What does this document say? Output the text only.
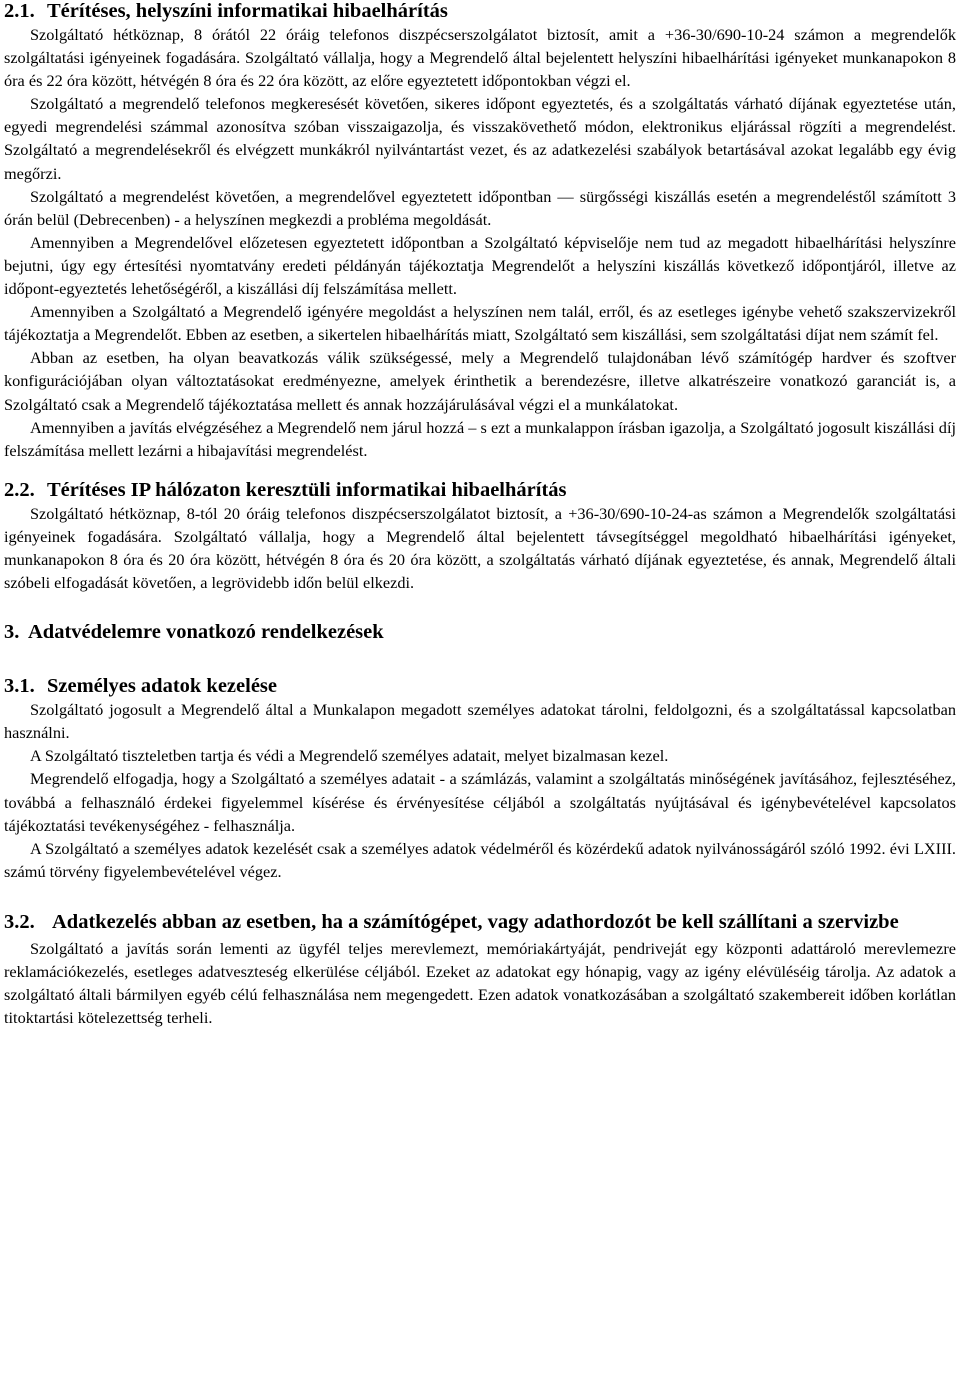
2.1. Térítéses, helyszíni informatikai hibaelhárítás

Szolgáltató hétköznap, 8 órától 22 óráig telefonos diszpécserszolgálatot biztosít, amit a +36-30/690-10-24 számon a megrendelők szolgáltatási igényeinek fogadására. Szolgáltató vállalja, hogy a Megrendelő által bejelentett helyszíni hibaelhárítási igényeket munkanapokon 8 óra és 22 óra között, hétvégén 8 óra és 22 óra között, az előre egyeztetett időpontokban végzi el.

Szolgáltató a megrendelő telefonos megkeresését követően, sikeres időpont egyeztetés, és a szolgáltatás várható díjának egyeztetése után, egyedi megrendelési számmal azonosítva szóban visszaigazolja, és visszakövethető módon, elektronikus eljárással rögzíti a megrendelést. Szolgáltató a megrendelésekről és elvégzett munkákról nyilvántartást vezet, és az adatkezelési szabályok betartásával azokat legalább egy évig megőrzi.

Szolgáltató a megrendelést követően, a megrendelővel egyeztetett időpontban — sürgősségi kiszállás esetén a megrendeléstől számított 3 órán belül (Debrecenben) - a helyszínen megkezdi a probléma megoldását.

Amennyiben a Megrendelővel előzetesen egyeztetett időpontban a Szolgáltató képviselője nem tud az megadott hibaelhárítási helyszínre bejutni, úgy egy értesítési nyomtatvány eredeti példányán tájékoztatja Megrendelőt a helyszíni kiszállás következő időpontjáról, illetve az időpont-egyeztetés lehetőségéről, a kiszállási díj felszámítása mellett.

Amennyiben a Szolgáltató a Megrendelő igényére megoldást a helyszínen nem talál, erről, és az esetleges igénybe vehető szakszervizekről tájékoztatja a Megrendelőt. Ebben az esetben, a sikertelen hibaelhárítás miatt, Szolgáltató sem kiszállási, sem szolgáltatási díjat nem számít fel.

Abban az esetben, ha olyan beavatkozás válik szükségessé, mely a Megrendelő tulajdonában lévő számítógép hardver és szoftver konfigurációjában olyan változtatásokat eredményezne, amelyek érinthetik a berendezésre, illetve alkatrészeire vonatkozó garanciát is, a Szolgáltató csak a Megrendelő tájékoztatása mellett és annak hozzájárulásával végzi el a munkálatokat.

Amennyiben a javítás elvégzéséhez a Megrendelő nem járul hozzá – s ezt a munkalappon írásban igazolja, a Szolgáltató jogosult kiszállási díj felszámítása mellett lezárni a hibajavítási megrendelést.

2.2. Térítéses IP hálózaton keresztüli informatikai hibaelhárítás

Szolgáltató hétköznap, 8-tól 20 óráig telefonos diszpécserszolgálatot biztosít, a +36-30/690-10-24-as számon a Megrendelők szolgáltatási igényeinek fogadására. Szolgáltató vállalja, hogy a Megrendelő által bejelentett távsegítséggel megoldható hibaelhárítási igényeket, munkanapokon 8 óra és 20 óra között, hétvégén 8 óra és 20 óra között, a szolgáltatás várható díjának egyeztetése, és annak, Megrendelő általi szóbeli elfogadását követően, a legrövidebb időn belül elkezdi.

3. Adatvédelemre vonatkozó rendelkezések
3.1. Személyes adatok kezelése

Szolgáltató jogosult a Megrendelő által a Munkalapon megadott személyes adatokat tárolni, feldolgozni, és a szolgáltatással kapcsolatban használni.

A Szolgáltató tiszteletben tartja és védi a Megrendelő személyes adatait, melyet bizalmasan kezel.

Megrendelő elfogadja, hogy a Szolgáltató a személyes adatait - a számlázás, valamint a szolgáltatás minőségének javításához, fejlesztéséhez, továbbá a felhasználó érdekei figyelemmel kísérése és érvényesítése céljából a szolgáltatás nyújtásával és igénybevételével kapcsolatos tájékoztatási tevékenységéhez - felhasználja.

A Szolgáltató a személyes adatok kezelését csak a személyes adatok védelméről és közérdekű adatok nyilvánosságáról szóló 1992. évi LXIII. számú törvény figyelembevételével végez.

3.2. Adatkezelés abban az esetben, ha a számítógépet, vagy adathordozót be kell szállítani a szervizbe

Szolgáltató a javítás során lementi az ügyfél teljes merevlemezt, memóriakártyáját, pendriveját egy központi adattároló merevlemezre reklamációkezelés, esetleges adatveszteség elkerülése céljából. Ezeket az adatokat egy hónapig, vagy az igény elévüléséig tárolja. Az adatok a szolgáltató általi bármilyen egyéb célú felhasználása nem megengedett. Ezen adatok vonatkozásában a szolgáltató szakembereit időben korlátlan titoktartási kötelezettség terheli.
